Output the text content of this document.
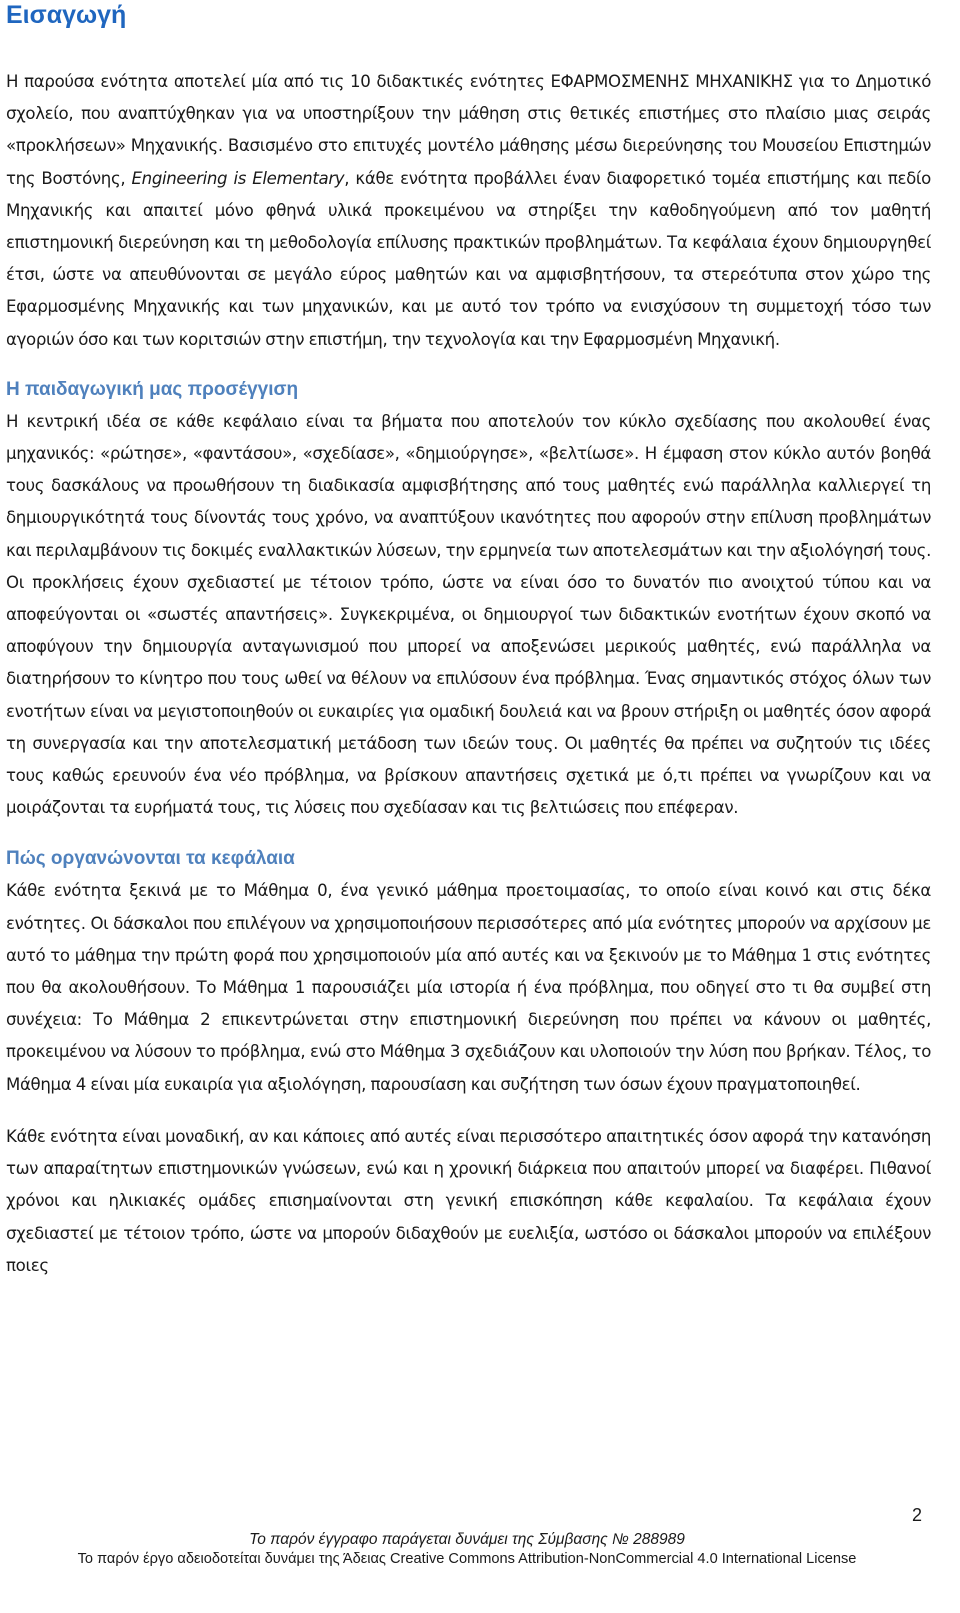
Εισαγωγή

Η παρούσα ενότητα αποτελεί μία από τις 10 διδακτικές ενότητες ΕΦΑΡΜΟΣΜΕΝΗΣ ΜΗΧΑΝΙΚΗΣ για το Δημοτικό σχολείο, που αναπτύχθηκαν για να υποστηρίξουν την μάθηση στις θετικές επιστήμες στο πλαίσιο μιας σειράς «προκλήσεων» Μηχανικής. Βασισμένο στο επιτυχές μοντέλο μάθησης μέσω διερεύνησης του Μουσείου Επιστημών της Βοστόνης, Engineering is Elementary, κάθε ενότητα προβάλλει έναν διαφορετικό τομέα επιστήμης και πεδίο Μηχανικής και απαιτεί μόνο φθηνά υλικά προκειμένου να στηρίξει την καθοδηγούμενη από τον μαθητή επιστημονική διερεύνηση και τη μεθοδολογία επίλυσης πρακτικών προβλημάτων. Τα κεφάλαια έχουν δημιουργηθεί έτσι, ώστε να απευθύνονται σε μεγάλο εύρος μαθητών και να αμφισβητήσουν, τα στερεότυπα στον χώρο της Εφαρμοσμένης Μηχανικής και των μηχανικών, και με αυτό τον τρόπο να ενισχύσουν τη συμμετοχή τόσο των αγοριών όσο και των κοριτσιών στην επιστήμη, την τεχνολογία και την Εφαρμοσμένη Μηχανική.

Η παιδαγωγική μας προσέγγιση

Η κεντρική ιδέα σε κάθε κεφάλαιο είναι τα βήματα που αποτελούν τον κύκλο σχεδίασης που ακολουθεί ένας μηχανικός: «ρώτησε», «φαντάσου», «σχεδίασε», «δημιούργησε», «βελτίωσε». Η έμφαση στον κύκλο αυτόν βοηθά τους δασκάλους να προωθήσουν τη διαδικασία αμφισβήτησης από τους μαθητές ενώ παράλληλα καλλιεργεί τη δημιουργικότητά τους δίνοντάς τους χρόνο, να αναπτύξουν ικανότητες που αφορούν στην επίλυση προβλημάτων και περιλαμβάνουν τις δοκιμές εναλλακτικών λύσεων, την ερμηνεία των αποτελεσμάτων και την αξιολόγησή τους. Οι προκλήσεις έχουν σχεδιαστεί με τέτοιον τρόπο, ώστε να είναι όσο το δυνατόν πιο ανοιχτού τύπου και να αποφεύγονται οι «σωστές απαντήσεις». Συγκεκριμένα, οι δημιουργοί των διδακτικών ενοτήτων έχουν σκοπό να αποφύγουν την δημιουργία ανταγωνισμού που μπορεί να αποξενώσει μερικούς μαθητές, ενώ παράλληλα να διατηρήσουν το κίνητρο που τους ωθεί να θέλουν να επιλύσουν ένα πρόβλημα. Ένας σημαντικός στόχος όλων των ενοτήτων είναι να μεγιστοποιηθούν οι ευκαιρίες για ομαδική δουλειά και να βρουν στήριξη οι μαθητές όσον αφορά τη συνεργασία και την αποτελεσματική μετάδοση των ιδεών τους. Οι μαθητές θα πρέπει να συζητούν τις ιδέες τους καθώς ερευνούν ένα νέο πρόβλημα, να βρίσκουν απαντήσεις σχετικά με ό,τι πρέπει να γνωρίζουν και να μοιράζονται τα ευρήματά τους, τις λύσεις που σχεδίασαν και τις βελτιώσεις που επέφεραν.

Πώς οργανώνονται τα κεφάλαια

Κάθε ενότητα ξεκινά με το Μάθημα 0, ένα γενικό μάθημα προετοιμασίας, το οποίο είναι κοινό και στις δέκα ενότητες. Οι δάσκαλοι που επιλέγουν να χρησιμοποιήσουν περισσότερες από μία ενότητες μπορούν να αρχίσουν με αυτό το μάθημα την πρώτη φορά που χρησιμοποιούν μία από αυτές και να ξεκινούν με το Μάθημα 1 στις ενότητες που θα ακολουθήσουν. Το Μάθημα 1 παρουσιάζει μία ιστορία ή ένα πρόβλημα, που οδηγεί στο τι θα συμβεί στη συνέχεια: Το Μάθημα 2 επικεντρώνεται στην επιστημονική διερεύνηση που πρέπει να κάνουν οι μαθητές, προκειμένου να λύσουν το πρόβλημα, ενώ στο Μάθημα 3 σχεδιάζουν και υλοποιούν την λύση που βρήκαν. Τέλος, το Μάθημα 4 είναι μία ευκαιρία για αξιολόγηση, παρουσίαση και συζήτηση των όσων έχουν πραγματοποιηθεί.

Κάθε ενότητα είναι μοναδική, αν και κάποιες από αυτές είναι περισσότερο απαιτητικές όσον αφορά την κατανόηση των απαραίτητων επιστημονικών γνώσεων, ενώ και η χρονική διάρκεια που απαιτούν μπορεί να διαφέρει. Πιθανοί χρόνοι και ηλικιακές ομάδες επισημαίνονται στη γενική επισκόπηση κάθε κεφαλαίου. Τα κεφάλαια έχουν σχεδιαστεί με τέτοιον τρόπο, ώστε να μπορούν διδαχθούν με ευελιξία, ωστόσο οι δάσκαλοι μπορούν να επιλέξουν ποιες

2
Το παρόν έγγραφο παράγεται δυνάμει της Σύμβασης № 288989
Το παρόν έργο αδειοδοτείται δυνάμει της Άδειας Creative Commons Attribution-NonCommercial 4.0 International License
